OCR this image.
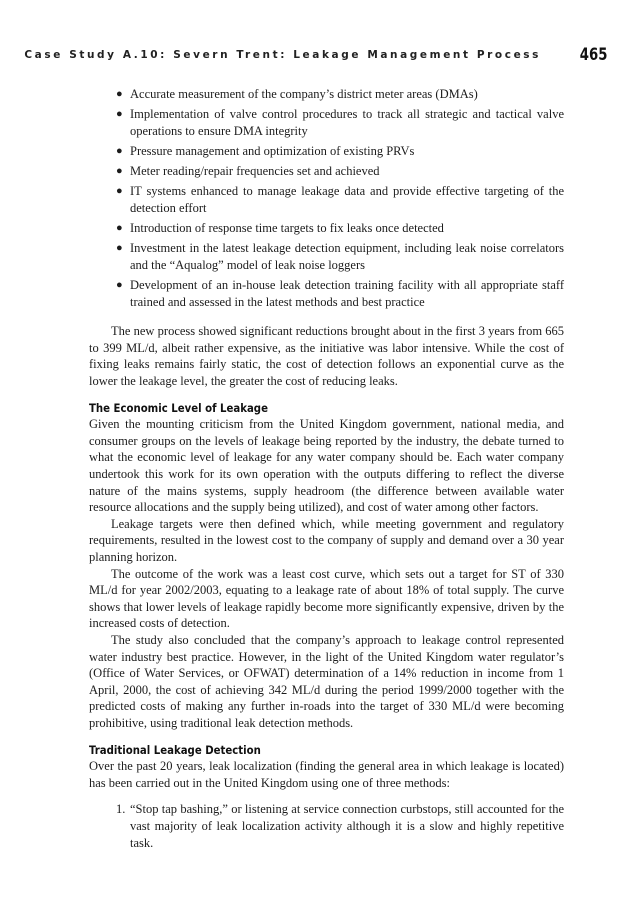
Case Study A.10: Severn Trent: Leakage Management Process 465
● Accurate measurement of the company’s district meter areas (DMAs)
● Implementation of valve control procedures to track all strategic and tactical valve operations to ensure DMA integrity
● Pressure management and optimization of existing PRVs
● Meter reading/repair frequencies set and achieved
● IT systems enhanced to manage leakage data and provide effective targeting of the detection effort
● Introduction of response time targets to fix leaks once detected
● Investment in the latest leakage detection equipment, including leak noise correlators and the “Aqualog” model of leak noise loggers
● Development of an in-house leak detection training facility with all appropriate staff trained and assessed in the latest methods and best practice

The new process showed significant reductions brought about in the first 3 years from 665 to 399 ML/d, albeit rather expensive, as the initiative was labor intensive. While the cost of fixing leaks remains fairly static, the cost of detection follows an exponential curve as the lower the leakage level, the greater the cost of reducing leaks.

The Economic Level of Leakage

Given the mounting criticism from the United Kingdom government, national media, and consumer groups on the levels of leakage being reported by the industry, the debate turned to what the economic level of leakage for any water company should be. Each water company undertook this work for its own operation with the outputs differing to reflect the diverse nature of the mains systems, supply headroom (the difference between available water resource allocations and the supply being utilized), and cost of water among other factors.

Leakage targets were then defined which, while meeting government and regulatory requirements, resulted in the lowest cost to the company of supply and demand over a 30 year planning horizon.

The outcome of the work was a least cost curve, which sets out a target for ST of 330 ML/d for year 2002/2003, equating to a leakage rate of about 18% of total supply. The curve shows that lower levels of leakage rapidly become more significantly expensive, driven by the increased costs of detection.

The study also concluded that the company’s approach to leakage control represented water industry best practice. However, in the light of the United Kingdom water regulator’s (Office of Water Services, or OFWAT) determination of a 14% reduction in income from 1 April, 2000, the cost of achieving 342 ML/d during the period 1999/2000 together with the predicted costs of making any further in-roads into the target of 330 ML/d were becoming prohibitive, using traditional leak detection methods.

Traditional Leakage Detection

Over the past 20 years, leak localization (finding the general area in which leakage is located) has been carried out in the United Kingdom using one of three methods:

1. “Stop tap bashing,” or listening at service connection curbstops, still accounted for the vast majority of leak localization activity although it is a slow and highly repetitive task.
